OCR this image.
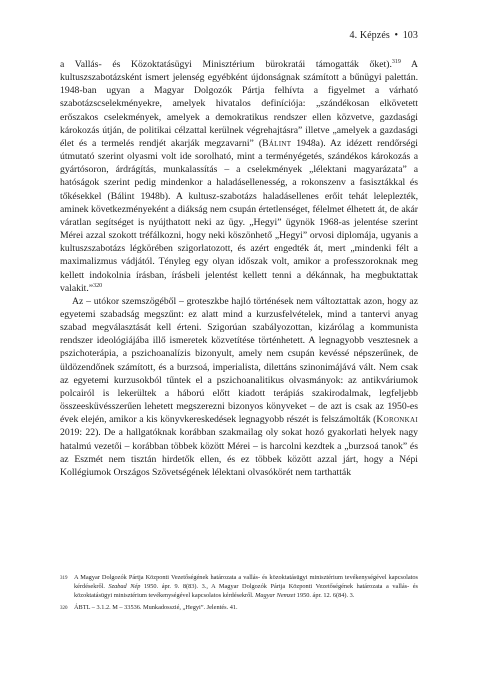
4. Képzés • 103

a Vallás- és Közoktatásügyi Minisztérium bürokratái támogatták őket).$^{319}$ A kultuszszabotázsként ismert jelenség egyébként újdonságnak számított a bűnügyi palettán. 1948-ban ugyan a Magyar Dolgozók Pártja felhívta a figyelmet a várható szabotázscselekményekre, amelyek hivatalos definíciója: „szándékosan elkövetett erőszakos cselekmények, amelyek a demokratikus rendszer ellen közvetve, gazdasági károkozás útján, de politikai célzattal kerülnek végrehajtásra” illetve „amelyek a gazdasági élet és a termelés rendjét akarják megzavarni” (Bálint 1948a). Az idézett rendőrségi útmutató szerint olyasmi volt ide sorolható, mint a terményégetés, szándékos károkozás a gyártósoron, árdrágítás, munkalassítás – a cselekmények „lélektani magyarázata” a hatóságok szerint pedig mindenkor a haladásellenesség, a rokonszenv a fasisztákkal és tőkésekkel (Bálint 1948b). A kultusz-szabotázs haladásellenes erőit tehát leleplezték, aminek következményeként a diákság nem csupán értetlenséget, félelmet élhetett át, de akár váratlan segítséget is nyújthatott neki az ügy. „Hegyi” ügynök 1968-as jelentése szerint Mérei azzal szokott tréfálkozni, hogy neki köszönhető „Hegyi” orvosi diplomája, ugyanis a kultuszszabotázs légkörében szigorlatozott, és azért engedték át, mert „mindenki félt a maximalizmus vádjától. Tényleg egy olyan időszak volt, amikor a professzoroknak meg kellett indokolnia írásban, írásbeli jelentést kellett tenni a dékánnak, ha megbuktattak valakit.”$^{320}$

Az – utókor szemszögéből – groteszkbe hajló történések nem változtattak azon, hogy az egyetemi szabadság megszűnt: ez alatt mind a kurzusfelvételek, mind a tantervi anyag szabad megválasztását kell érteni. Szigorúan szabályozottan, kizárólag a kommunista rendszer ideológiájába illő ismeretek közvetítése történhetett. A legnagyobb vesztesnek a pszichoterápia, a pszichoanalízis bizonyult, amely nem csupán kevéssé népszerűnek, de üldözendőnek számított, és a burzsoá, imperialista, dilettáns szinonimájává vált. Nem csak az egyetemi kurzusokból tűntek el a pszichoanalitikus olvasmányok: az antikváriumok polcairól is lekerültek a háború előtt kiadott terápiás szakirodalmak, legfeljebb összeesküvésszerűen lehetett megszerezni bizonyos könyveket – de azt is csak az 1950-es évek elején, amikor a kis könyvkereskedések legnagyobb részét is felszámolták (Koronkai 2019: 22). De a hallgatóknak korábban szakmailag oly sokat hozó gyakorlati helyek nagy hatalmú vezetői – korábban többek között Mérei – is harcolni kezdtek a „burzsoá tanok” és az Eszmét nem tisztán hirdetők ellen, és ez többek között azzal járt, hogy a Népi Kollégiumok Országos Szövetségének lélektani olvasókörét nem tarthatták

319	A Magyar Dolgozók Pártja Központi Vezetőségének határozata a vallás- és közoktatásügyi minisztérium tevékenységével kapcsolatos kérdésekről. Szabad Nép 1950. ápr. 9. 8(83). 3., A Magyar Dolgozók Pártja Központi Vezetőségének határozata a vallás- és közoktatásügyi minisztérium tevékenységével kapcsolatos kérdésekről. Magyar Nemzet 1950. ápr. 12. 6(84). 3.
320	ÁBTL – 3.1.2. M – 33536. Munkadosszié, „Hegyi”. Jelentés. 41.
